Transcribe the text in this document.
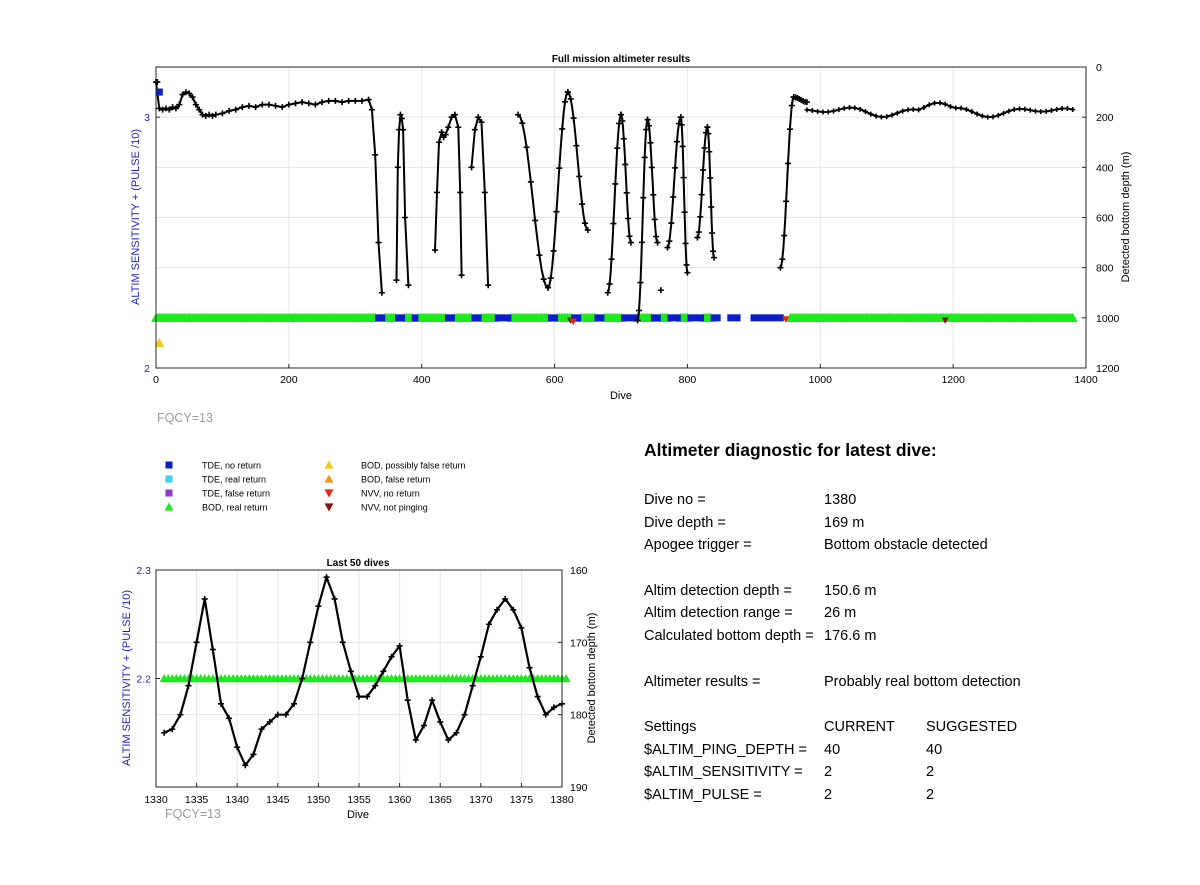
0	200	400	600	800	1000	1200	1400
0
200
400
600
800
1000
1200
2
3
Full mission altimeter results
Dive
ALTIM SENSITIVITY + (PULSE /10)	Detected bottom depth (m)
TDE, no return
TDE, real return
TDE, false return
BOD, real return
BOD, possibly false return
BOD, false return
NVV, no return
NVV, not pinging
1330 1335 1340 1345 1350 1355 1360 1365 1370 1375 1380
160
170
180
190
2.2
2.3
Last 50 dives
Dive
ALTIM SENSITIVITY + (PULSE /10)	Detected bottom depth (m)
FQCY=13
FQCY=13
Altimeter diagnostic for latest dive:
Dive no =	1380
Dive depth =	169 m
Apogee trigger =	Bottom obstacle detected
Altim detection depth = 150.6 m
Altim detection range = 26 m
Calculated bottom depth = 176.6 m
Altimeter results =	Probably real bottom detection
Settings	CURRENT SUGGESTED
$ALTIM_PING_DEPTH = 40	40
$ALTIM_SENSITIVITY = 2	2
$ALTIM_PULSE =	2	2
